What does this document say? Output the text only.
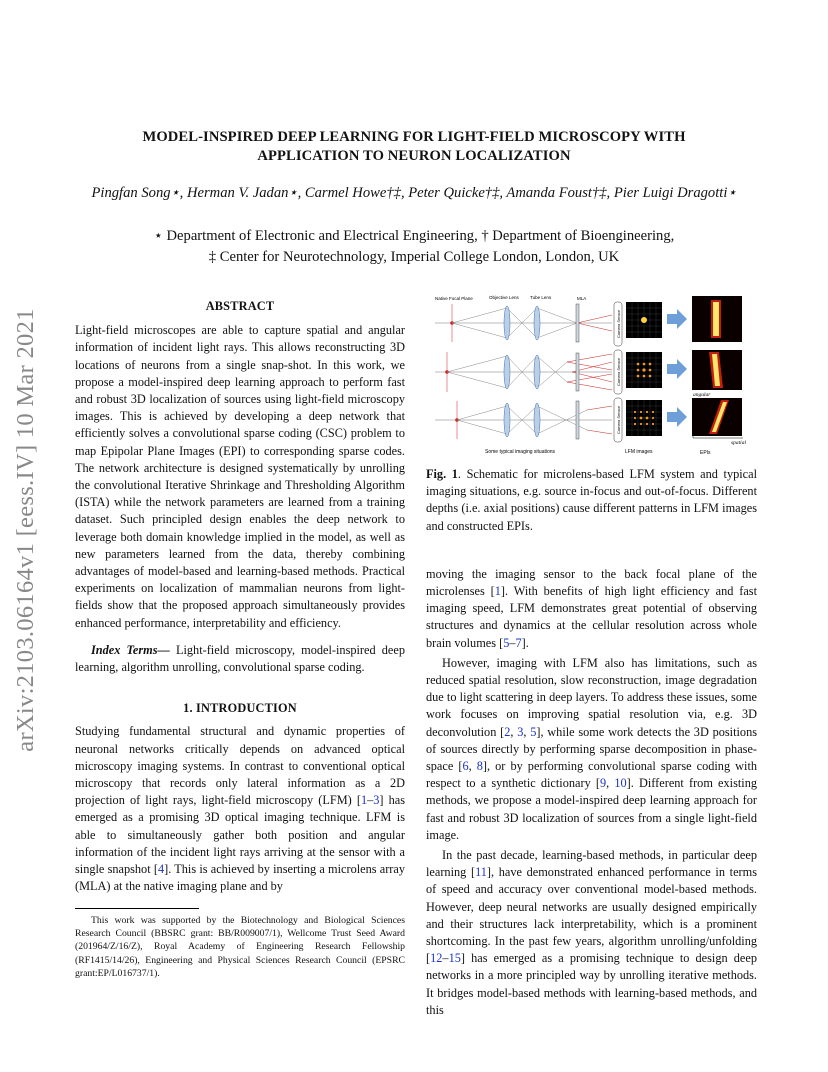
MODEL-INSPIRED DEEP LEARNING FOR LIGHT-FIELD MICROSCOPY WITH
APPLICATION TO NEURON LOCALIZATION
Pingfan Song⋆, Herman V. Jadan⋆, Carmel Howe†‡, Peter Quicke†‡, Amanda Foust†‡, Pier Luigi Dragotti⋆
⋆ Department of Electronic and Electrical Engineering, † Department of Bioengineering,
‡ Center for Neurotechnology, Imperial College London, London, UK
arXiv:2103.06164v1 [eess.IV] 10 Mar 2021
ABSTRACT

Light-field microscopes are able to capture spatial and angular information of incident light rays. This allows reconstructing 3D locations of neurons from a single snap-shot. In this work, we propose a model-inspired deep learning approach to perform fast and robust 3D localization of sources using light-field microscopy images. This is achieved by developing a deep network that efficiently solves a convolutional sparse coding (CSC) problem to map Epipolar Plane Images (EPI) to corresponding sparse codes. The network architecture is designed systematically by unrolling the convolutional Iterative Shrinkage and Thresholding Algorithm (ISTA) while the network parameters are learned from a training dataset. Such principled design enables the deep network to leverage both domain knowledge implied in the model, as well as new parameters learned from the data, thereby combining advantages of model-based and learning-based methods. Practical experiments on localization of mammalian neurons from light-fields show that the proposed approach simultaneously provides enhanced performance, interpretability and efficiency.

Index Terms— Light-field microscopy, model-inspired deep learning, algorithm unrolling, convolutional sparse coding.

1. INTRODUCTION

Studying fundamental structural and dynamic properties of neuronal networks critically depends on advanced optical microscopy imaging systems. In contrast to conventional optical microscopy that records only lateral information as a 2D projection of light rays, light-field microscopy (LFM) [1–3] has emerged as a promising 3D optical imaging technique. LFM is able to simultaneously gather both position and angular information of the incident light rays arriving at the sensor with a single snapshot [4]. This is achieved by inserting a microlens array (MLA) at the native imaging plane and by

This work was supported by the Biotechnology and Biological Sciences Research Council (BBSRC grant: BB/R009007/1), Wellcome Trust Seed Award (201964/Z/16/Z), Royal Academy of Engineering Research Fellowship (RF1415/14/26), Engineering and Physical Sciences Research Council (EPSRC grant:EP/L016737/1).

Native Focal Plane	Objective Lens Tube Lens	MLA
Camera Sensor
Camera Sensor
Camera Sensor
angular
spatial
Some typical imaging situations	LFM images	EPIs

Fig. 1. Schematic for microlens-based LFM system and typical imaging situations, e.g. source in-focus and out-of-focus. Different depths (i.e. axial positions) cause different patterns in LFM images and constructed EPIs.

moving the imaging sensor to the back focal plane of the microlenses [1]. With benefits of high light efficiency and fast imaging speed, LFM demonstrates great potential of observing structures and dynamics at the cellular resolution across whole brain volumes [5–7].

However, imaging with LFM also has limitations, such as reduced spatial resolution, slow reconstruction, image degradation due to light scattering in deep layers. To address these issues, some work focuses on improving spatial resolution via, e.g. 3D deconvolution [2, 3, 5], while some work detects the 3D positions of sources directly by performing sparse decomposition in phase-space [6, 8], or by performing convolutional sparse coding with respect to a synthetic dictionary [9, 10]. Different from existing methods, we propose a model-inspired deep learning approach for fast and robust 3D localization of sources from a single light-field image.

In the past decade, learning-based methods, in particular deep learning [11], have demonstrated enhanced performance in terms of speed and accuracy over conventional model-based methods. However, deep neural networks are usually designed empirically and their structures lack interpretability, which is a prominent shortcoming. In the past few years, algorithm unrolling/unfolding [12–15] has emerged as a promising technique to design deep networks in a more principled way by unrolling iterative methods. It bridges model-based methods with learning-based methods, and this
